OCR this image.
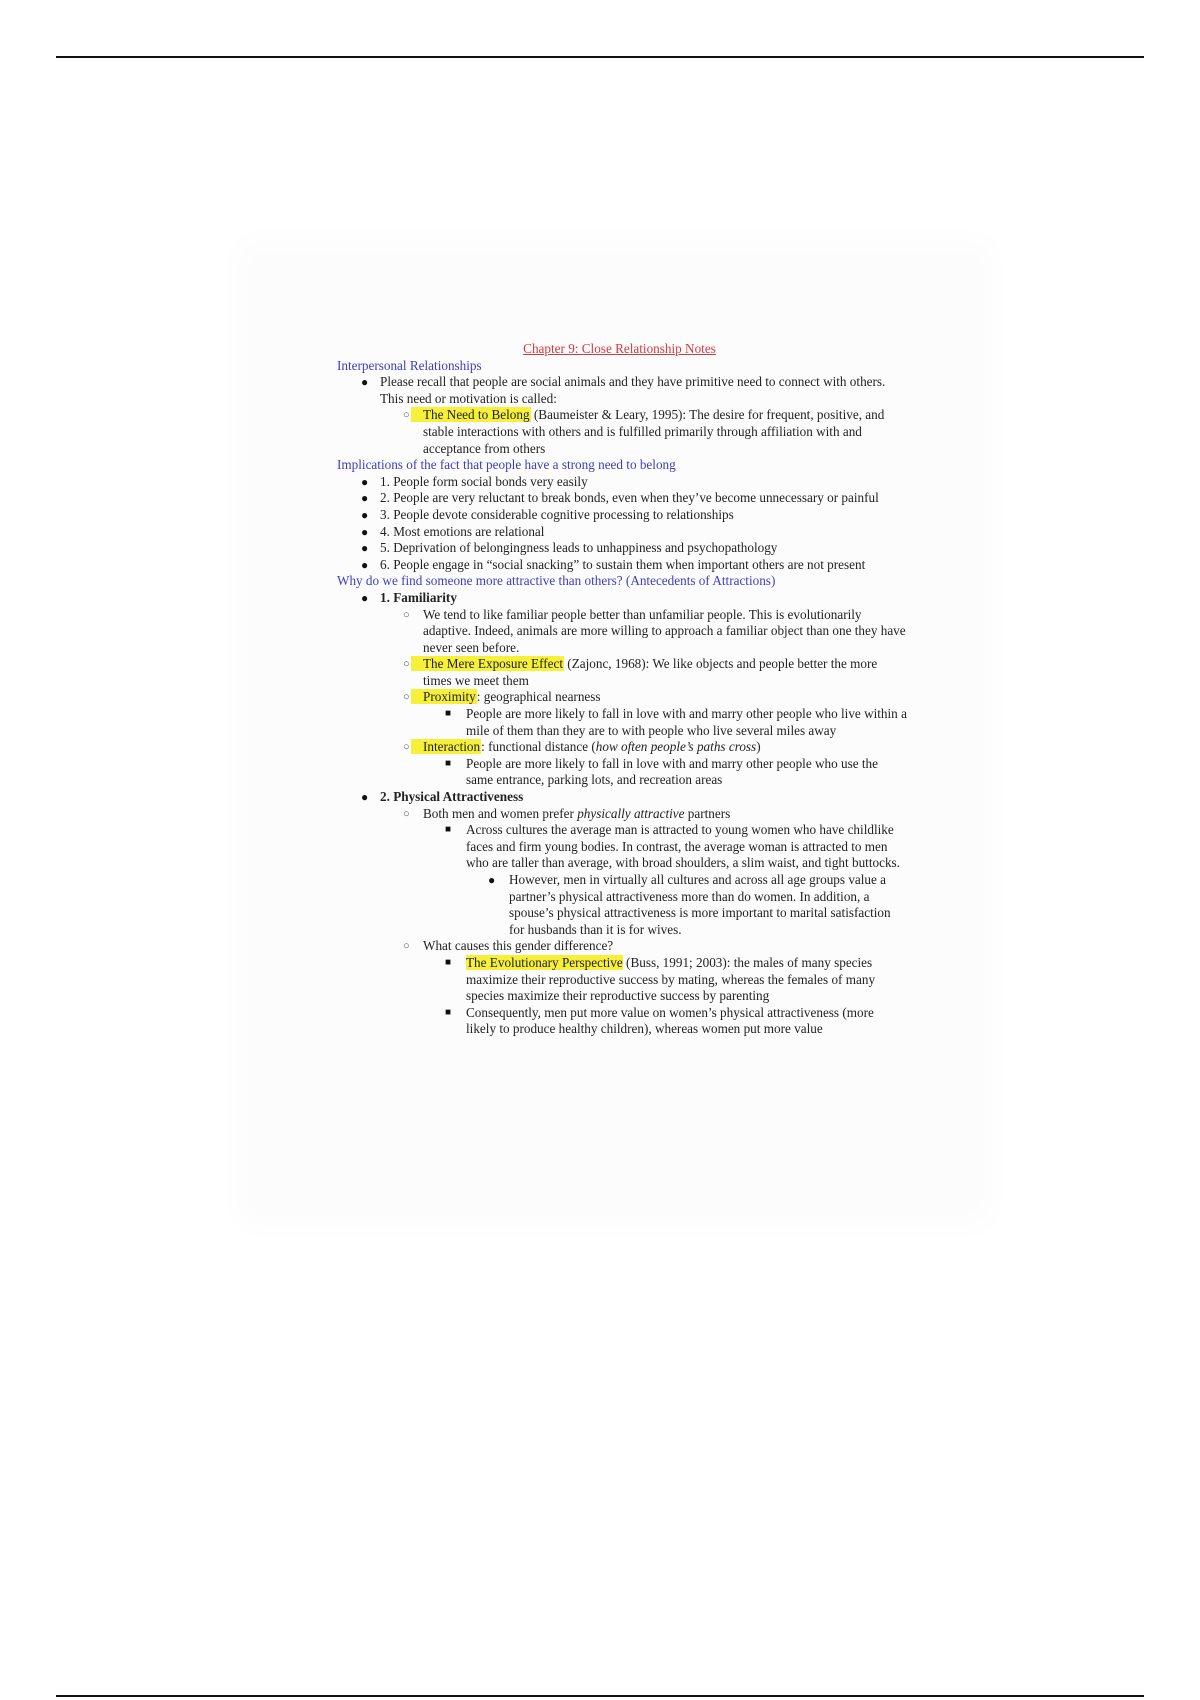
Chapter 9: Close Relationship Notes
Interpersonal Relationships
● Please recall that people are social animals and they have primitive need to connect with others. This need or motivation is called:
○ The Need to Belong (Baumeister & Leary, 1995): The desire for frequent, positive, and stable interactions with others and is fulfilled primarily through affiliation with and acceptance from others
Implications of the fact that people have a strong need to belong
● 1. People form social bonds very easily
● 2. People are very reluctant to break bonds, even when they’ve become unnecessary or painful
● 3. People devote considerable cognitive processing to relationships
● 4. Most emotions are relational
● 5. Deprivation of belongingness leads to unhappiness and psychopathology
● 6. People engage in “social snacking” to sustain them when important others are not present
Why do we find someone more attractive than others? (Antecedents of Attractions)
● 1. Familiarity
○ We tend to like familiar people better than unfamiliar people. This is evolutionarily adaptive. Indeed, animals are more willing to approach a familiar object than one they have never seen before.
○ The Mere Exposure Effect (Zajonc, 1968): We like objects and people better the more times we meet them
○ Proximity: geographical nearness
■ People are more likely to fall in love with and marry other people who live within a mile of them than they are to with people who live several miles away
○ Interaction: functional distance (how often people’s paths cross)
■ People are more likely to fall in love with and marry other people who use the same entrance, parking lots, and recreation areas
● 2. Physical Attractiveness
○ Both men and women prefer physically attractive partners
■ Across cultures the average man is attracted to young women who have childlike faces and firm young bodies. In contrast, the average woman is attracted to men who are taller than average, with broad shoulders, a slim waist, and tight buttocks.
● However, men in virtually all cultures and across all age groups value a partner’s physical attractiveness more than do women. In addition, a spouse’s physical attractiveness is more important to marital satisfaction for husbands than it is for wives.
○ What causes this gender difference?
■ The Evolutionary Perspective (Buss, 1991; 2003): the males of many species maximize their reproductive success by mating, whereas the females of many species maximize their reproductive success by parenting
■ Consequently, men put more value on women’s physical attractiveness (more likely to produce healthy children), whereas women put more value
